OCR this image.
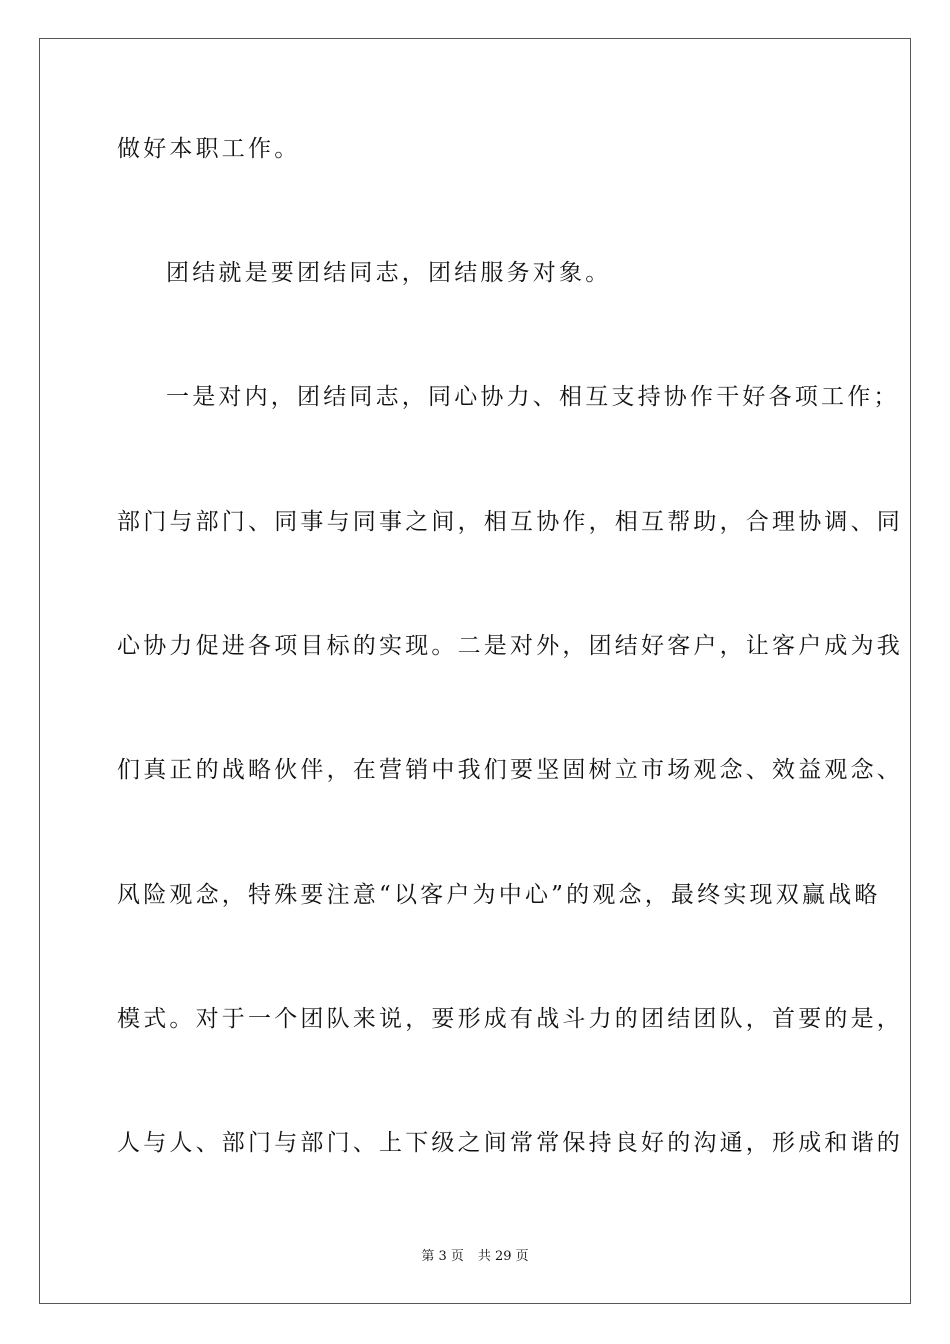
做好本职工作。
团结就是要团结同志，团结服务对象。
一是对内，团结同志，同心协力、相互支持协作干好各项工作；
部门与部门、同事与同事之间，相互协作，相互帮助，合理协调、同
心协力促进各项目标的实现。二是对外，团结好客户，让客户成为我
们真正的战略伙伴，在营销中我们要坚固树立市场观念、效益观念、
风险观念，特殊要注意“以客户为中心”的观念，最终实现双赢战略
模式。对于一个团队来说，要形成有战斗力的团结团队，首要的是，
人与人、部门与部门、上下级之间常常保持良好的沟通，形成和谐的
第 3 页 共 29 页
